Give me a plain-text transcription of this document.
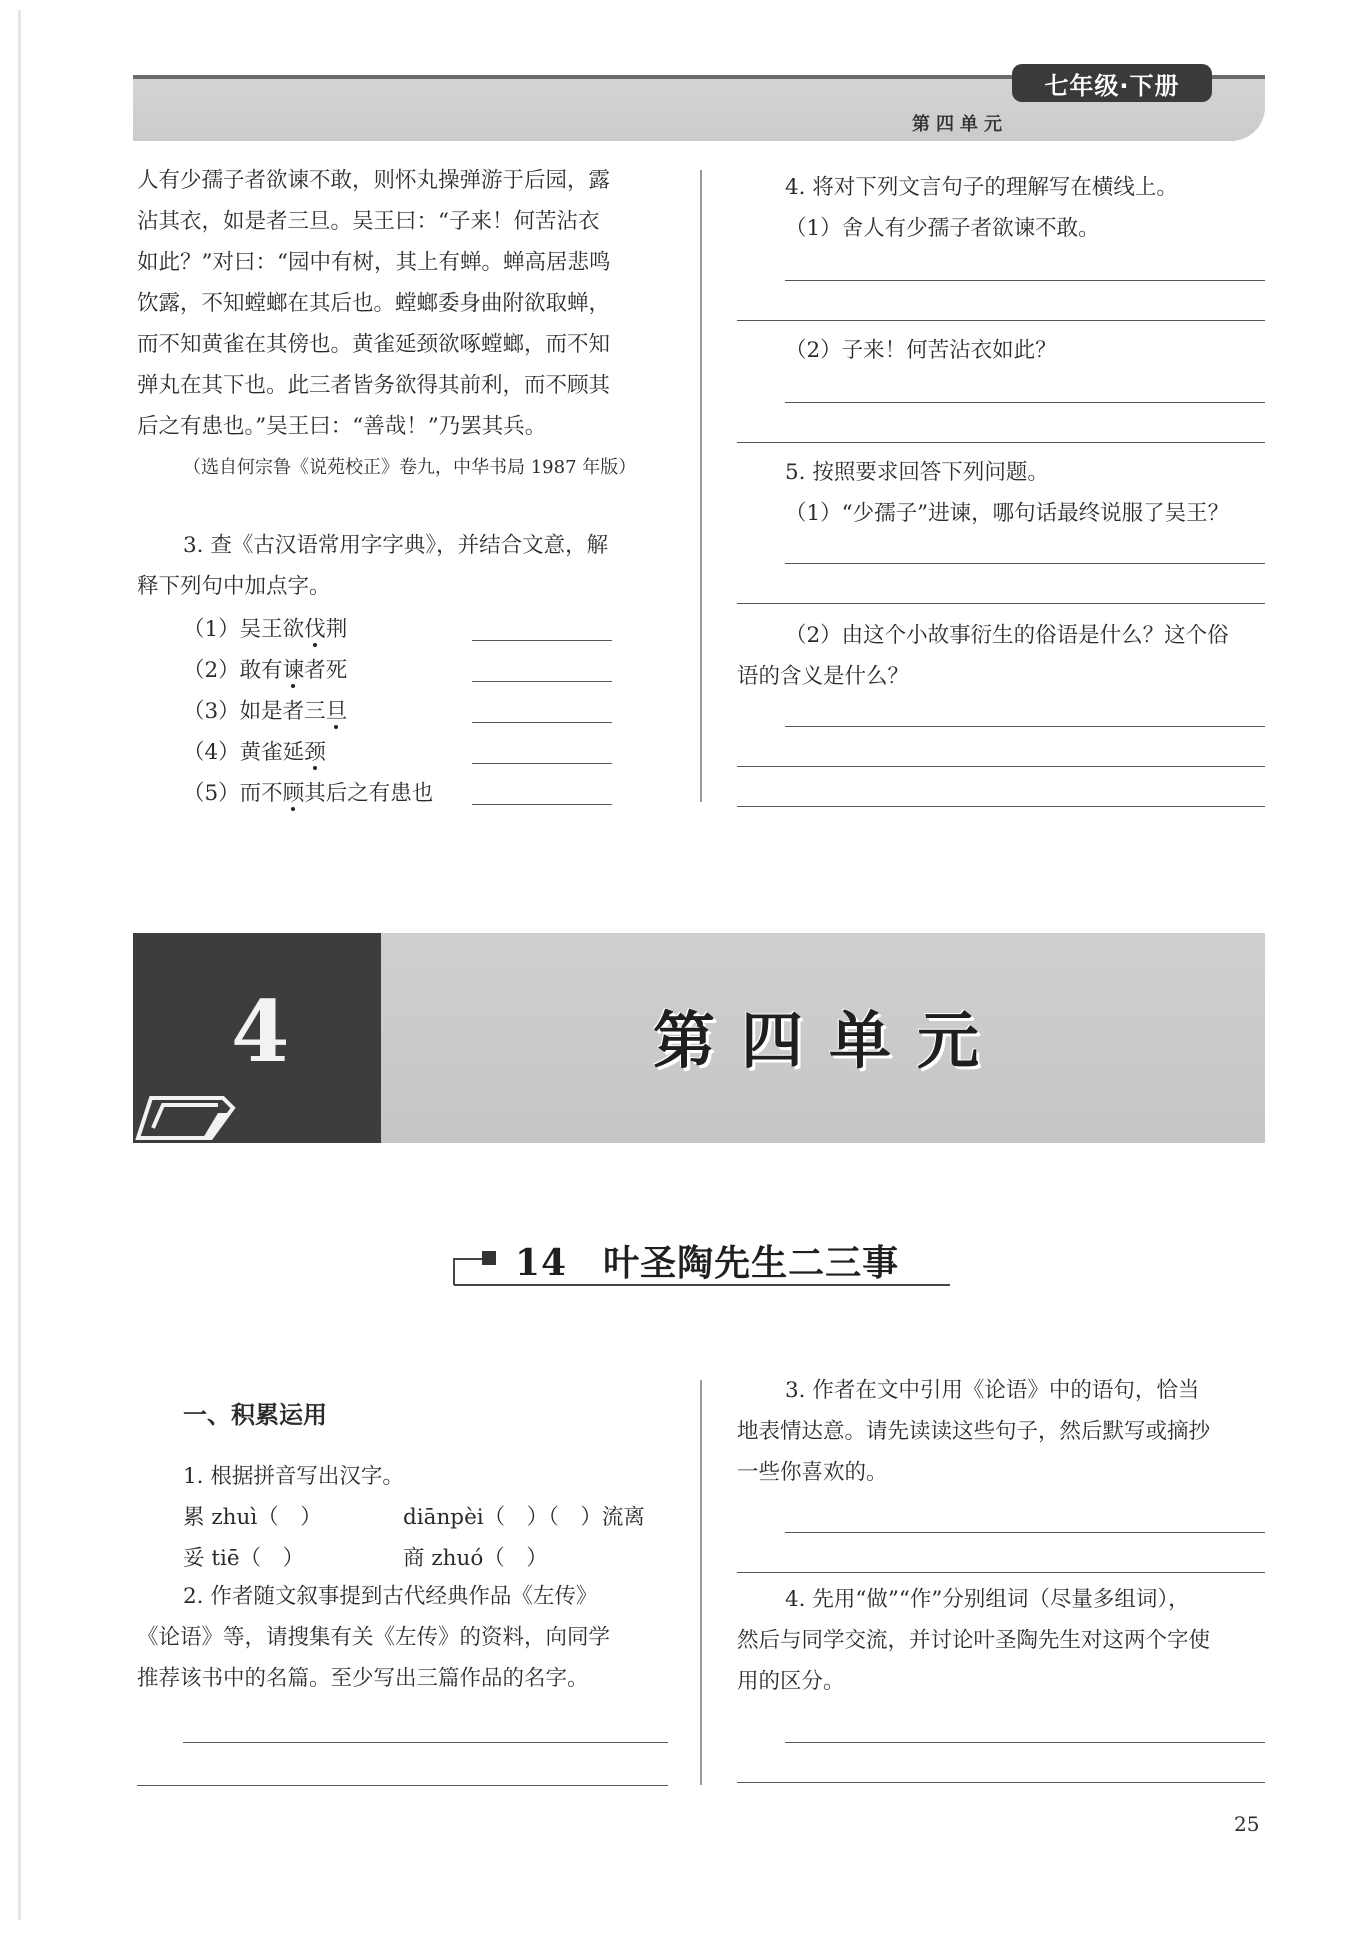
七年级·下册
第四单元

人有少孺子者欲谏不敢，则怀丸操弹游于后园，露

沾其衣，如是者三旦。吴王曰：“子来！何苦沾衣

如此？”对曰：“园中有树，其上有蝉。蝉高居悲鸣

饮露，不知螳螂在其后也。螳螂委身曲附欲取蝉，

而不知黄雀在其傍也。黄雀延颈欲啄螳螂，而不知

弹丸在其下也。此三者皆务欲得其前利，而不顾其

后之有患也。”吴王曰：“善哉！”乃罢其兵。

（选自何宗鲁《说苑校正》卷九，中华书局 1987 年版）

3. 查《古汉语常用字字典》，并结合文意，解

释下列句中加点字。

（1）吴王欲伐荆
（2）敢有谏者死
（3）如是者三旦
（4）黄雀延颈
（5）而不顾其后之有患也
4. 将对下列文言句子的理解写在横线上。
（1）舍人有少孺子者欲谏不敢。
（2）子来！何苦沾衣如此？
5. 按照要求回答下列问题。
（1）“少孺子”进谏，哪句话最终说服了吴王？
（2）由这个小故事衍生的俗语是什么？这个俗
语的含义是什么？
4	第四单元
14 叶圣陶先生二三事
一、积累运用
1. 根据拼音写出汉字。
累 zhuì（　）	diānpèi（　）（　）流离
妥 tiē（　）	商 zhuó（　）

2. 作者随文叙事提到古代经典作品《左传》

《论语》等，请搜集有关《左传》的资料，向同学

推荐该书中的名篇。至少写出三篇作品的名字。

3. 作者在文中引用《论语》中的语句，恰当

地表情达意。请先读读这些句子，然后默写或摘抄

一些你喜欢的。

4. 先用“做”“作”分别组词（尽量多组词），

然后与同学交流，并讨论叶圣陶先生对这两个字使

用的区分。

25
